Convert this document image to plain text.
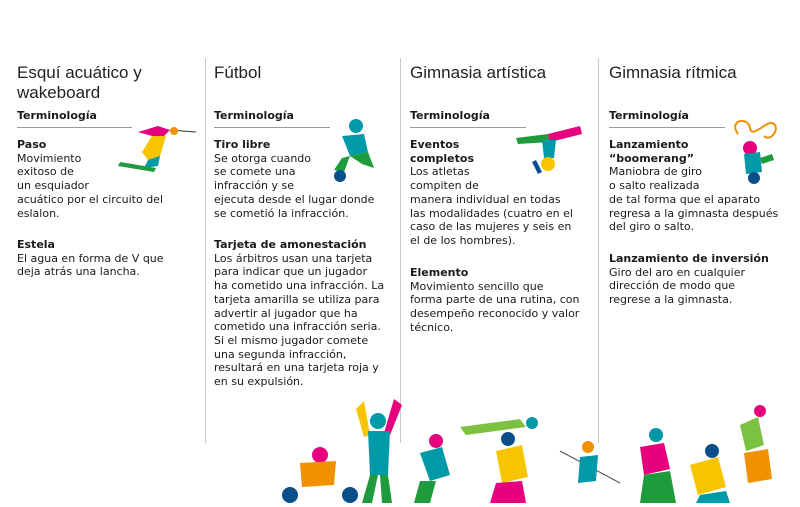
Esquí acuático y
wakeboard
Terminología
Paso
Movimiento
exitoso de
un esquiador
acuático por el circuito del
eslalon.
Estela
El agua en forma de V que
deja atrás una lancha.
Fútbol
Terminología
Tiro libre
Se otorga cuando
se comete una
infracción y se
ejecuta desde el lugar donde
se cometió la infracción.
Tarjeta de amonestación
Los árbitros usan una tarjeta
para indicar que un jugador
ha cometido una infracción. La
tarjeta amarilla se utiliza para
advertir al jugador que ha
cometido una infracción seria.
Si el mismo jugador comete
una segunda infracción,
resultará en una tarjeta roja y
en su expulsión.
Gimnasia artística
Terminología
Eventos
completos
Los atletas
compiten de
manera individual en todas
las modalidades (cuatro en el
caso de las mujeres y seis en
el de los hombres).
Elemento
Movimiento sencillo que
forma parte de una rutina, con
desempeño reconocido y valor
técnico.
Gimnasia rítmica
Terminología
Lanzamiento
“boomerang”
Maniobra de giro
o salto realizada
de tal forma que el aparato
regresa a la gimnasta después
del giro o salto.
Lanzamiento de inversión
Giro del aro en cualquier
dirección de modo que
regrese a la gimnasta.
